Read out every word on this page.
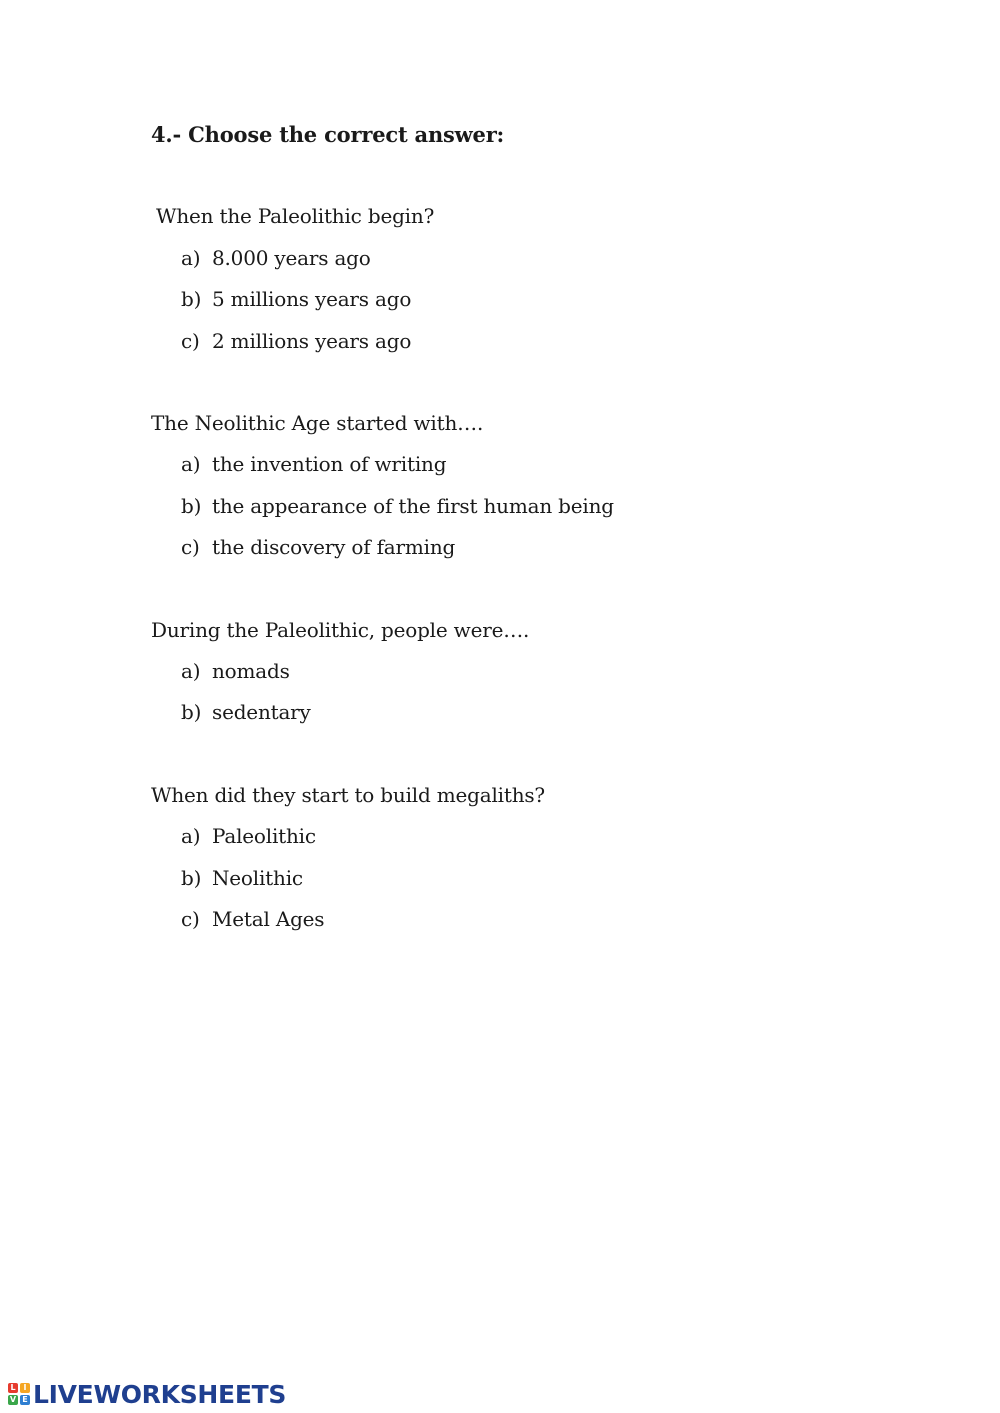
4.- Choose the correct answer:
When the Paleolithic begin?
a) 8.000 years ago
b) 5 millions years ago
c) 2 millions years ago
The Neolithic Age started with….
a) the invention of writing
b) the appearance of the first human being
c) the discovery of farming
During the Paleolithic, people were….
a) nomads
b) sedentary
When did they start to build megaliths?
a) Paleolithic
b) Neolithic
c) Metal Ages
L I
V E LIVEWORKSHEETS
